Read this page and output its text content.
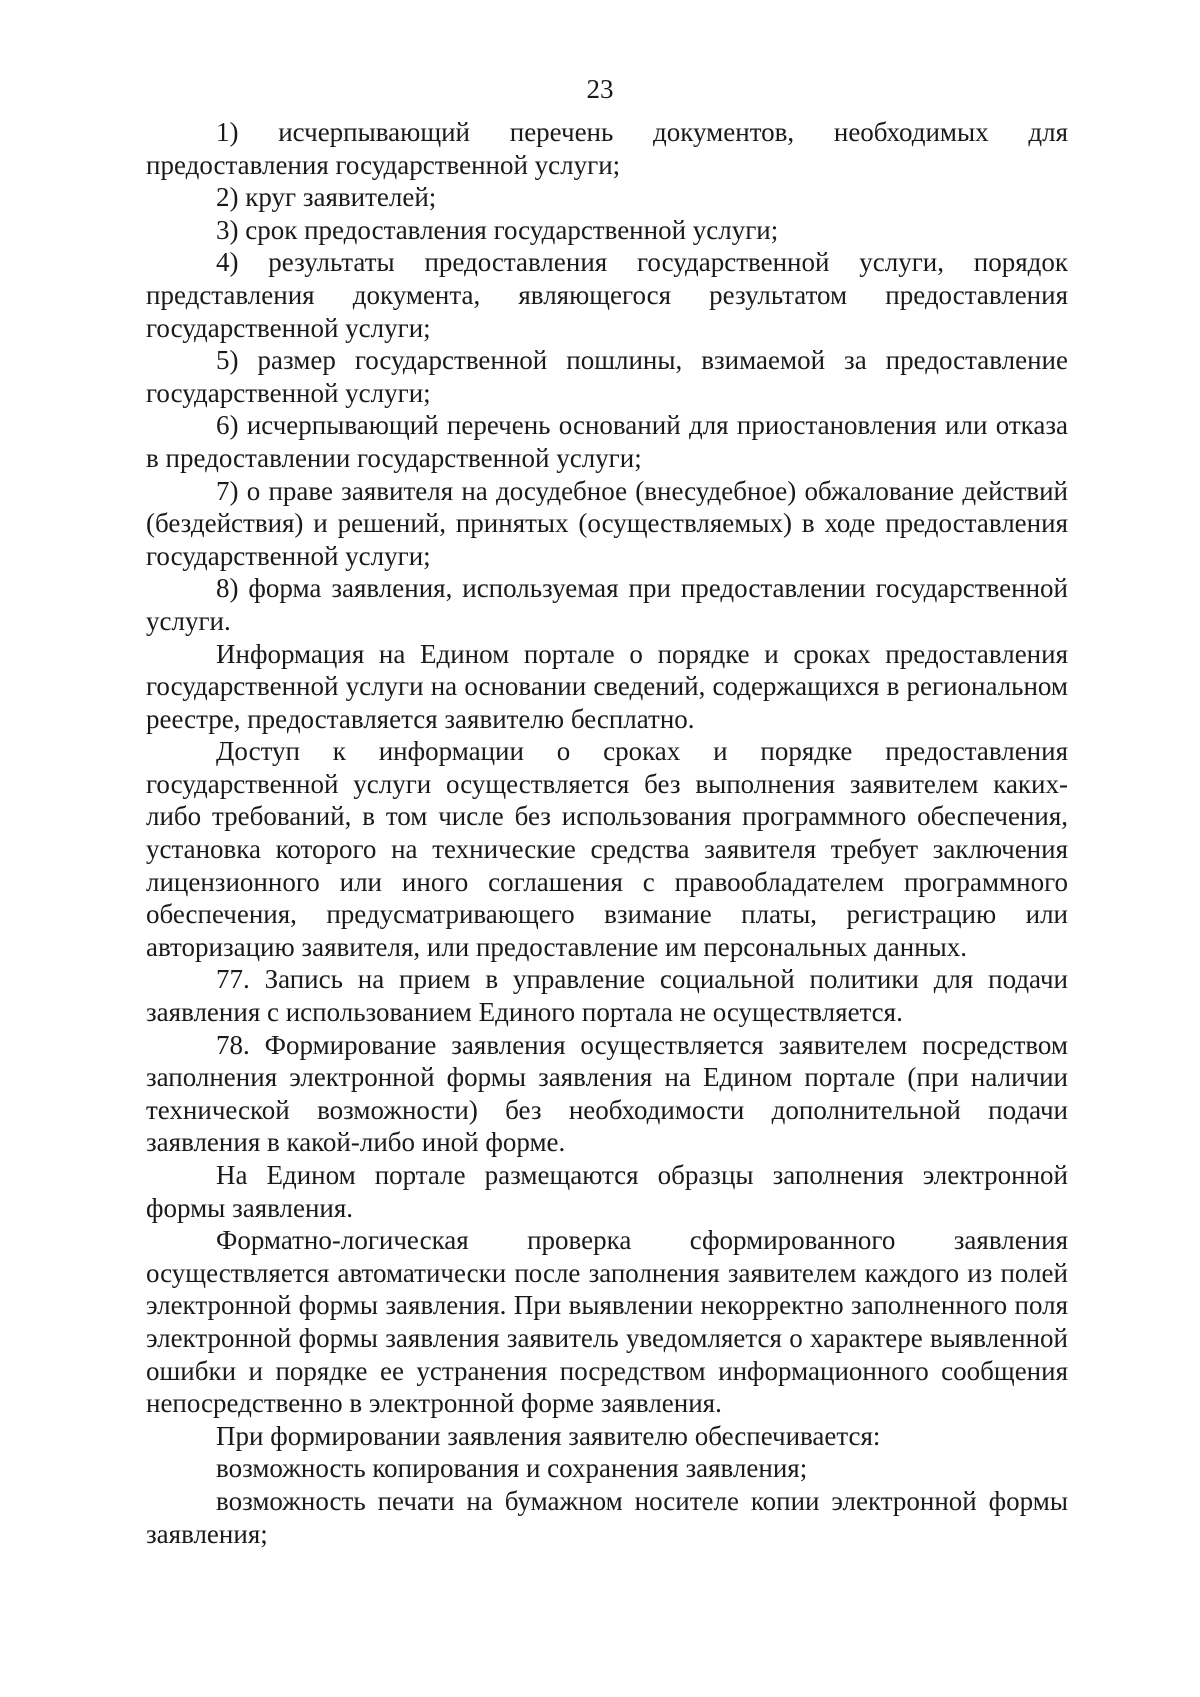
23

1) исчерпывающий перечень документов, необходимых для предоставления государственной услуги;

2) круг заявителей;

3) срок предоставления государственной услуги;

4) результаты предоставления государственной услуги, порядок представления документа, являющегося результатом предоставления государственной услуги;

5) размер государственной пошлины, взимаемой за предоставление государственной услуги;

6) исчерпывающий перечень оснований для приостановления или отказа в предоставлении государственной услуги;

7) о праве заявителя на досудебное (внесудебное) обжалование действий (бездействия) и решений, принятых (осуществляемых) в ходе предоставления государственной услуги;

8) форма заявления, используемая при предоставлении государственной услуги.

Информация на Едином портале о порядке и сроках предоставления государственной услуги на основании сведений, содержащихся в региональном реестре, предоставляется заявителю бесплатно.

Доступ к информации о сроках и порядке предоставления государственной услуги осуществляется без выполнения заявителем каких-либо требований, в том числе без использования программного обеспечения, установка которого на технические средства заявителя требует заключения лицензионного или иного соглашения с правообладателем программного обеспечения, предусматривающего взимание платы, регистрацию или авторизацию заявителя, или предоставление им персональных данных.

77. Запись на прием в управление социальной политики для подачи заявления с использованием Единого портала не осуществляется.

78. Формирование заявления осуществляется заявителем посредством заполнения электронной формы заявления на Едином портале (при наличии технической возможности) без необходимости дополнительной подачи заявления в какой-либо иной форме.

На Едином портале размещаются образцы заполнения электронной формы заявления.

Форматно-логическая проверка сформированного заявления осуществляется автоматически после заполнения заявителем каждого из полей электронной формы заявления. При выявлении некорректно заполненного поля электронной формы заявления заявитель уведомляется о характере выявленной ошибки и порядке ее устранения посредством информационного сообщения непосредственно в электронной форме заявления.

При формировании заявления заявителю обеспечивается:

возможность копирования и сохранения заявления;

возможность печати на бумажном носителе копии электронной формы заявления;
